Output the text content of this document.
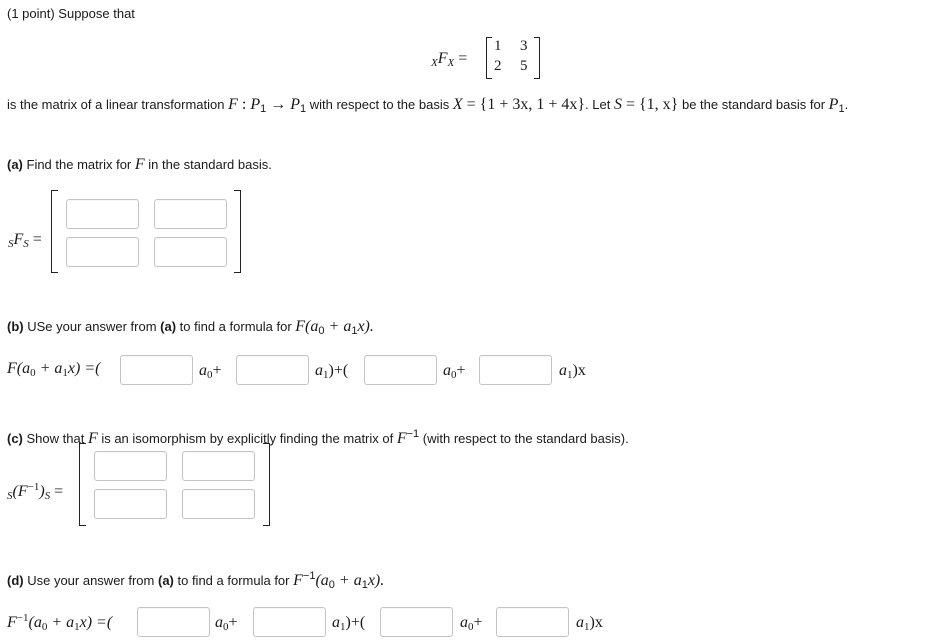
(1 point) Suppose that
XFX =
1 3
2 5
is the matrix of a linear transformation F : $P_1 \to P_1$ with respect to the basis X = {1 + 3x, 1 + 4x}. Let S = {1, x} be the standard basis for $P_1$.
(a) Find the matrix for F in the standard basis.
SFS =
(b) USe your answer from (a) to find a formula for $F(a_0 + a_1x)$.
$F(a_0 + a_1x)$ =(	$a_0+$	$a_1)+$(	$a_0+$	$a_1)x$
(c) Show that F is an isomorphism by explicitly finding the matrix of $F^{-1}$ (with respect to the standard basis).
$S(F^{-1})S$ =
(d) Use your answer from (a) to find a formula for $F^{-1}(a_0 + a_1x)$.
$F^{-1}(a_0 + a_1x)$ =(	$a_0+$	$a_1)+$(	$a_0+$	$a_1)x$
